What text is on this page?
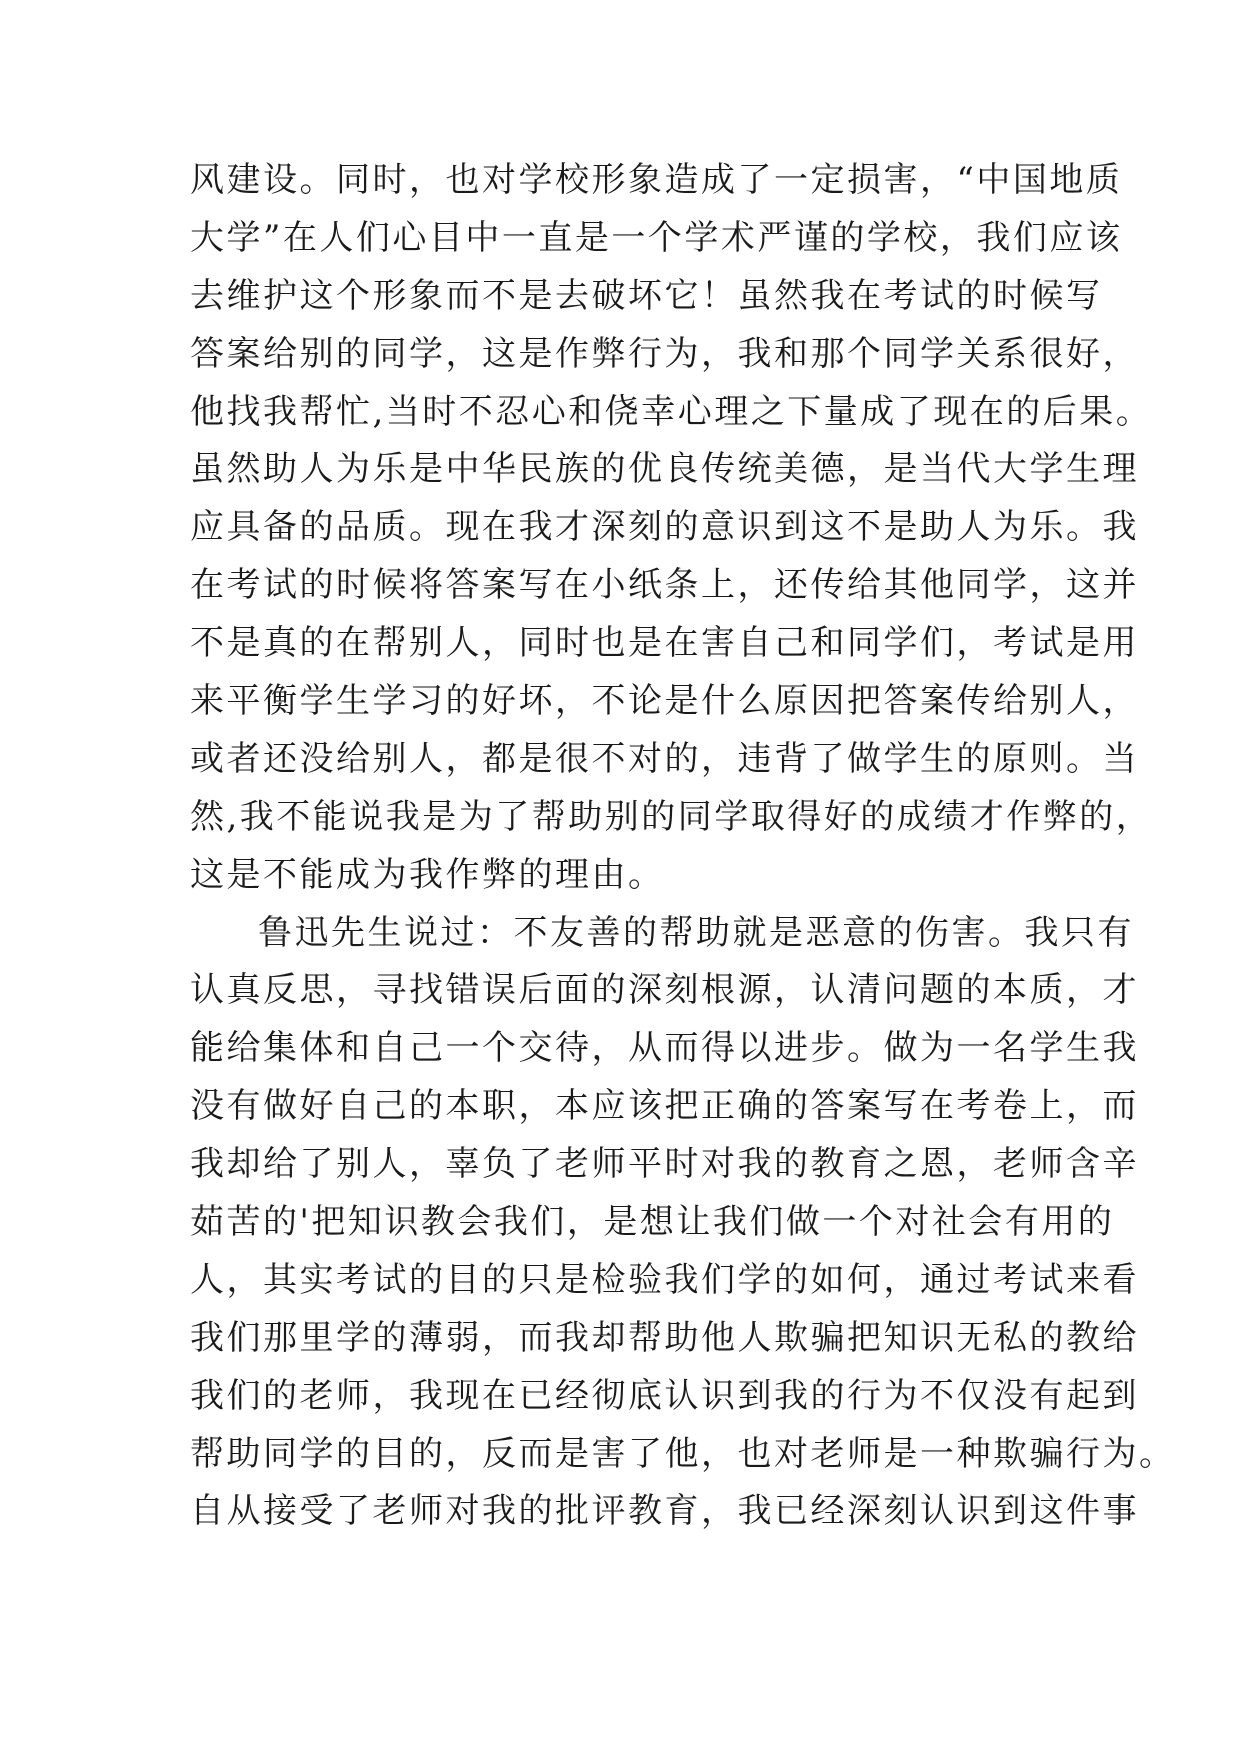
风建设。同时，也对学校形象造成了一定损害，“中国地质
大学”在人们心目中一直是一个学术严谨的学校，我们应该
去维护这个形象而不是去破坏它！虽然我在考试的时候写
答案给别的同学，这是作弊行为，我和那个同学关系很好，
他找我帮忙,当时不忍心和侥幸心理之下量成了现在的后果。
虽然助人为乐是中华民族的优良传统美德，是当代大学生理
应具备的品质。现在我才深刻的意识到这不是助人为乐。我
在考试的时候将答案写在小纸条上，还传给其他同学，这并
不是真的在帮别人，同时也是在害自己和同学们，考试是用
来平衡学生学习的好坏，不论是什么原因把答案传给别人，
或者还没给别人，都是很不对的，违背了做学生的原则。当
然,我不能说我是为了帮助别的同学取得好的成绩才作弊的，
这是不能成为我作弊的理由。
鲁迅先生说过：不友善的帮助就是恶意的伤害。我只有
认真反思，寻找错误后面的深刻根源，认清问题的本质，才
能给集体和自己一个交待，从而得以进步。做为一名学生我
没有做好自己的本职，本应该把正确的答案写在考卷上，而
我却给了别人，辜负了老师平时对我的教育之恩，老师含辛
茹苦的'把知识教会我们，是想让我们做一个对社会有用的
人，其实考试的目的只是检验我们学的如何，通过考试来看
我们那里学的薄弱，而我却帮助他人欺骗把知识无私的教给
我们的老师，我现在已经彻底认识到我的行为不仅没有起到
帮助同学的目的，反而是害了他，也对老师是一种欺骗行为。
自从接受了老师对我的批评教育，我已经深刻认识到这件事
